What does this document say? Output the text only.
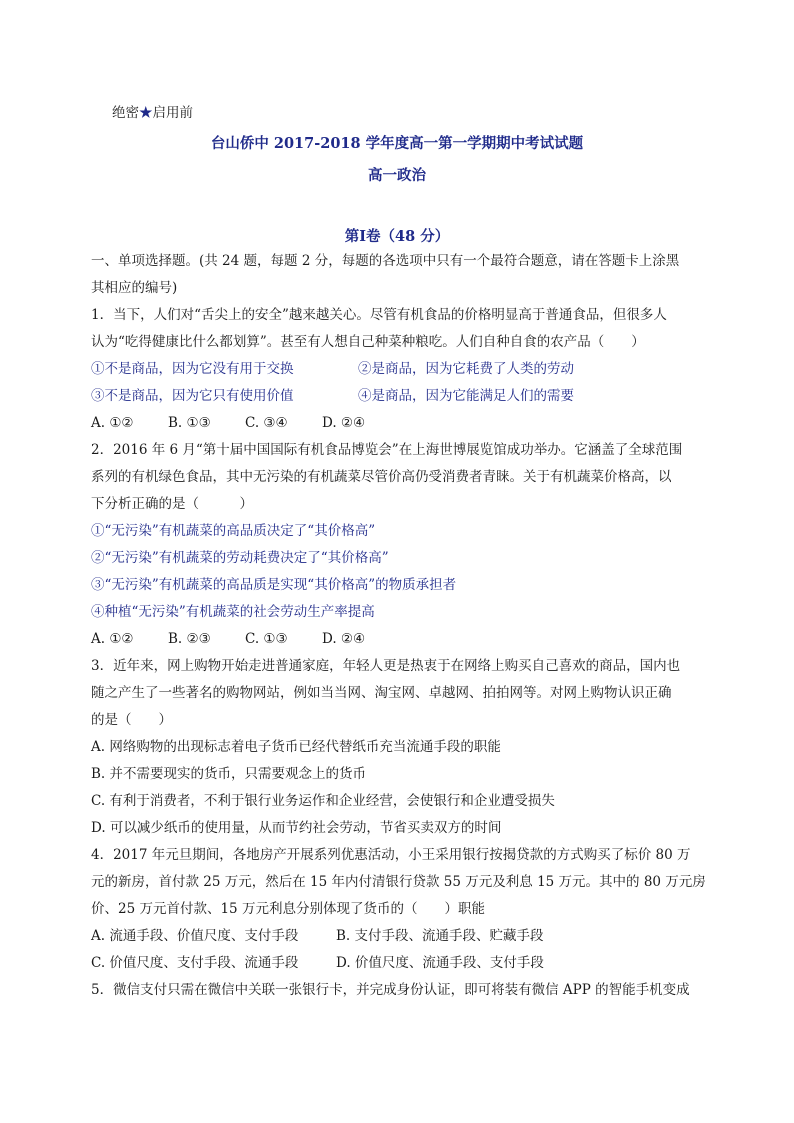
绝密★启用前
台山侨中 2017-2018 学年度高一第一学期期中考试试题
高一政治
第Ⅰ卷（48 分）
一、单项选择题。(共 24 题，每题 2 分，每题的各选项中只有一个最符合题意，请在答题卡上涂黑
其相应的编号)
1．当下，人们对“舌尖上的安全”越来越关心。尽管有机食品的价格明显高于普通食品，但很多人
认为“吃得健康比什么都划算”。甚至有人想自己种菜种粮吃。人们自种自食的农产品（　　）
①不是商品，因为它没有用于交换	②是商品，因为它耗费了人类的劳动
③不是商品，因为它只有使用价值	④是商品，因为它能满足人们的需要
A. ①②	B. ①③	C. ③④	D. ②④
2．2016 年 6 月“第十届中国国际有机食品博览会”在上海世博展览馆成功举办。它涵盖了全球范围
系列的有机绿色食品，其中无污染的有机蔬菜尽管价高仍受消费者青睐。关于有机蔬菜价格高，以
下分析正确的是（　　　）
①“无污染”有机蔬菜的高品质决定了“其价格高”
②“无污染”有机蔬菜的劳动耗费决定了“其价格高”
③“无污染”有机蔬菜的高品质是实现“其价格高”的物质承担者
④种植“无污染”有机蔬菜的社会劳动生产率提高
A. ①②	B. ②③	C. ①③	D. ②④
3．近年来，网上购物开始走进普通家庭，年轻人更是热衷于在网络上购买自己喜欢的商品，国内也
随之产生了一些著名的购物网站，例如当当网、淘宝网、卓越网、拍拍网等。对网上购物认识正确
的是（　　）
A. 网络购物的出现标志着电子货币已经代替纸币充当流通手段的职能
B. 并不需要现实的货币，只需要观念上的货币
C. 有利于消费者，不利于银行业务运作和企业经营，会使银行和企业遭受损失
D. 可以减少纸币的使用量，从而节约社会劳动，节省买卖双方的时间
4．2017 年元旦期间，各地房产开展系列优惠活动，小王采用银行按揭贷款的方式购买了标价 80 万
元的新房，首付款 25 万元，然后在 15 年内付清银行贷款 55 万元及利息 15 万元。其中的 80 万元房
价、25 万元首付款、15 万元利息分别体现了货币的（　　）职能
A. 流通手段、价值尺度、支付手段	B. 支付手段、流通手段、贮藏手段
C. 价值尺度、支付手段、流通手段	D. 价值尺度、流通手段、支付手段
5．微信支付只需在微信中关联一张银行卡，并完成身份认证，即可将装有微信 APP 的智能手机变成
